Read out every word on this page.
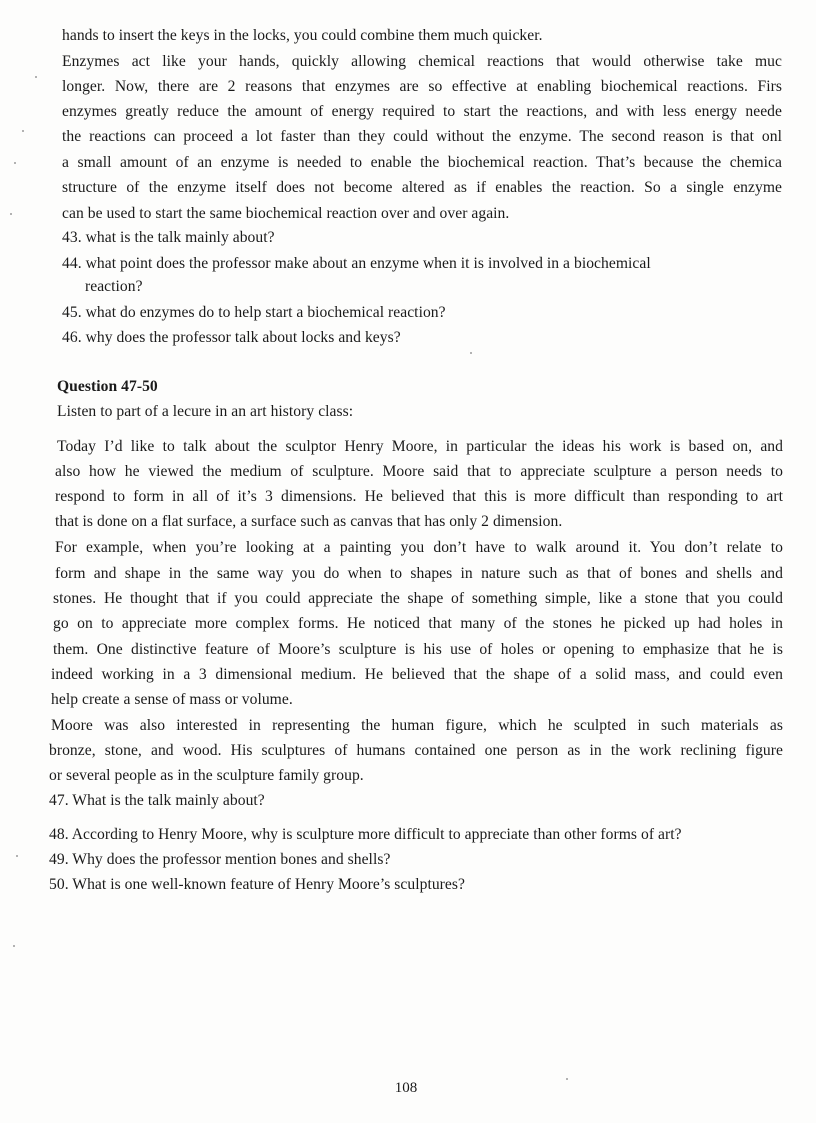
hands to insert the keys in the locks, you could combine them much quicker.
Enzymes act like your hands, quickly allowing chemical reactions that would otherwise take muc
longer. Now, there are 2 reasons that enzymes are so effective at enabling biochemical reactions. Firs
enzymes greatly reduce the amount of energy required to start the reactions, and with less energy neede
the reactions can proceed a lot faster than they could without the enzyme. The second reason is that onl
a small amount of an enzyme is needed to enable the biochemical reaction. That’s because the chemica
structure of the enzyme itself does not become altered as if enables the reaction. So a single enzyme
can be used to start the same biochemical reaction over and over again.
43. what is the talk mainly about?
44. what point does the professor make about an enzyme when it is involved in a biochemical
reaction?
45. what do enzymes do to help start a biochemical reaction?
46. why does the professor talk about locks and keys?
Question 47-50
Listen to part of a lecure in an art history class:
Today I’d like to talk about the sculptor Henry Moore, in particular the ideas his work is based on, and
also how he viewed the medium of sculpture. Moore said that to appreciate sculpture a person needs to
respond to form in all of it’s 3 dimensions. He believed that this is more difficult than responding to art
that is done on a flat surface, a surface such as canvas that has only 2 dimension.
For example, when you’re looking at a painting you don’t have to walk around it. You don’t relate to
form and shape in the same way you do when to shapes in nature such as that of bones and shells and
stones. He thought that if you could appreciate the shape of something simple, like a stone that you could
go on to appreciate more complex forms. He noticed that many of the stones he picked up had holes in
them. One distinctive feature of Moore’s sculpture is his use of holes or opening to emphasize that he is
indeed working in a 3 dimensional medium. He believed that the shape of a solid mass, and could even
help create a sense of mass or volume.
Moore was also interested in representing the human figure, which he sculpted in such materials as
bronze, stone, and wood. His sculptures of humans contained one person as in the work reclining figure
or several people as in the sculpture family group.
47. What is the talk mainly about?
48. According to Henry Moore, why is sculpture more difficult to appreciate than other forms of art?
49. Why does the professor mention bones and shells?
50. What is one well-known feature of Henry Moore’s sculptures?
108
